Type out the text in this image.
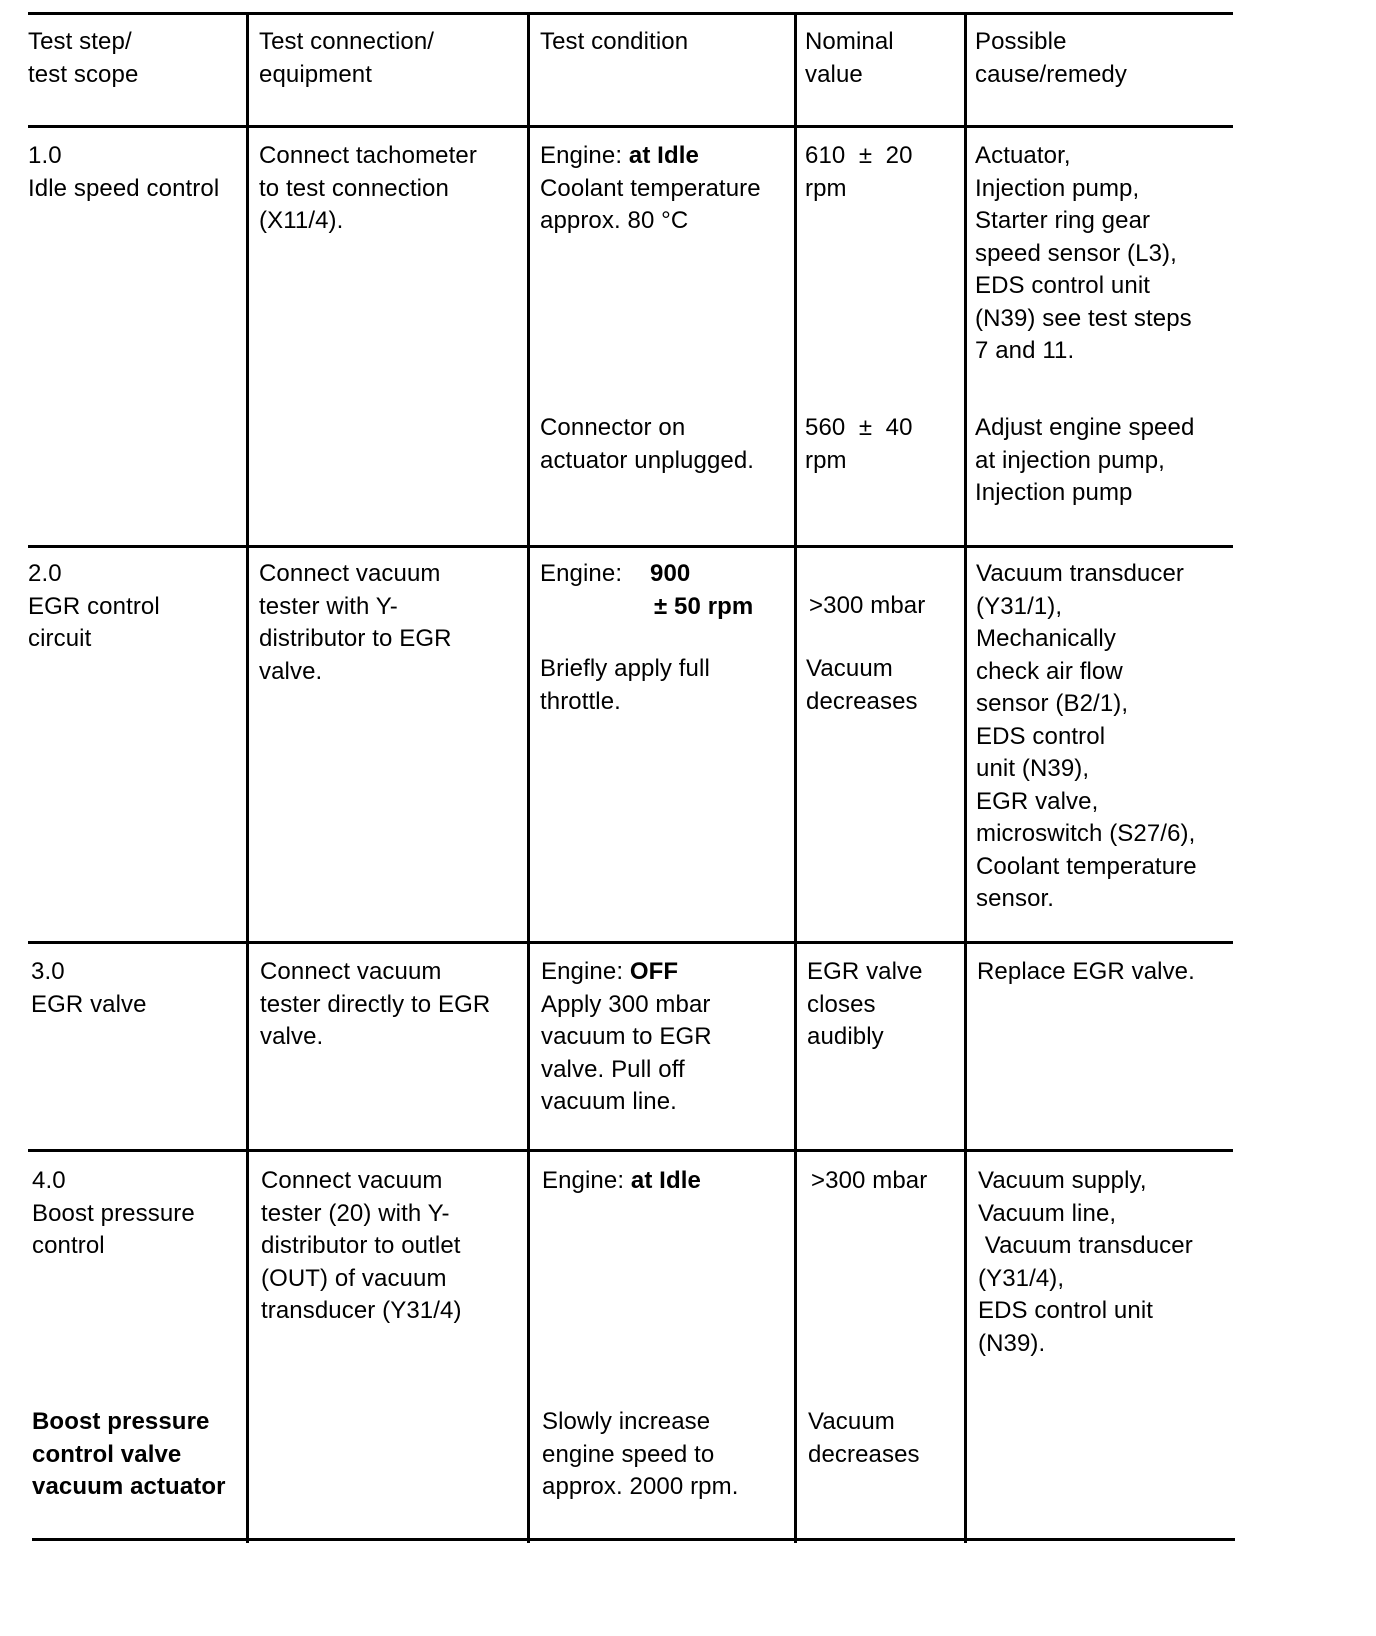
Test step/
test scope
Test connection/
equipment
Test condition	Nominal
value
Possible
cause/remedy
1.0
Idle speed control
Connect tachometer
to test connection
(X11/4).
Engine: at Idle
Coolant temperature
approx. 80 °C
610  ±  20
rpm
Actuator,
Injection pump,
Starter ring gear
speed sensor (L3),
EDS control unit
(N39) see test steps
7 and 11.
Connector on
actuator unplugged.
560  ±  40
rpm
Adjust engine speed
at injection pump,
Injection pump
2.0
EGR control
circuit
Connect vacuum
tester with Y-
distributor to EGR
valve.
Engine: 900
± 50 rpm >300 mbar
Briefly apply full
throttle.
Vacuum
decreases
Vacuum transducer
(Y31/1),
Mechanically
check air flow
sensor (B2/1),
EDS control
unit (N39),
EGR valve,
microswitch (S27/6),
Coolant temperature
sensor.
3.0
EGR valve
Connect vacuum
tester directly to EGR
valve.
Engine: OFF
Apply 300 mbar
vacuum to EGR
valve. Pull off
vacuum line.
EGR valve
closes
audibly
Replace EGR valve.
4.0
Boost pressure
control
Connect vacuum
tester (20) with Y-
distributor to outlet
(OUT) of vacuum
transducer (Y31/4)
Engine: at Idle	>300 mbar Vacuum supply,
Vacuum line,
Vacuum transducer
(Y31/4),
EDS control unit
(N39).
Boost pressure
control valve
vacuum actuator
Slowly increase
engine speed to
approx. 2000 rpm.
Vacuum
decreases
